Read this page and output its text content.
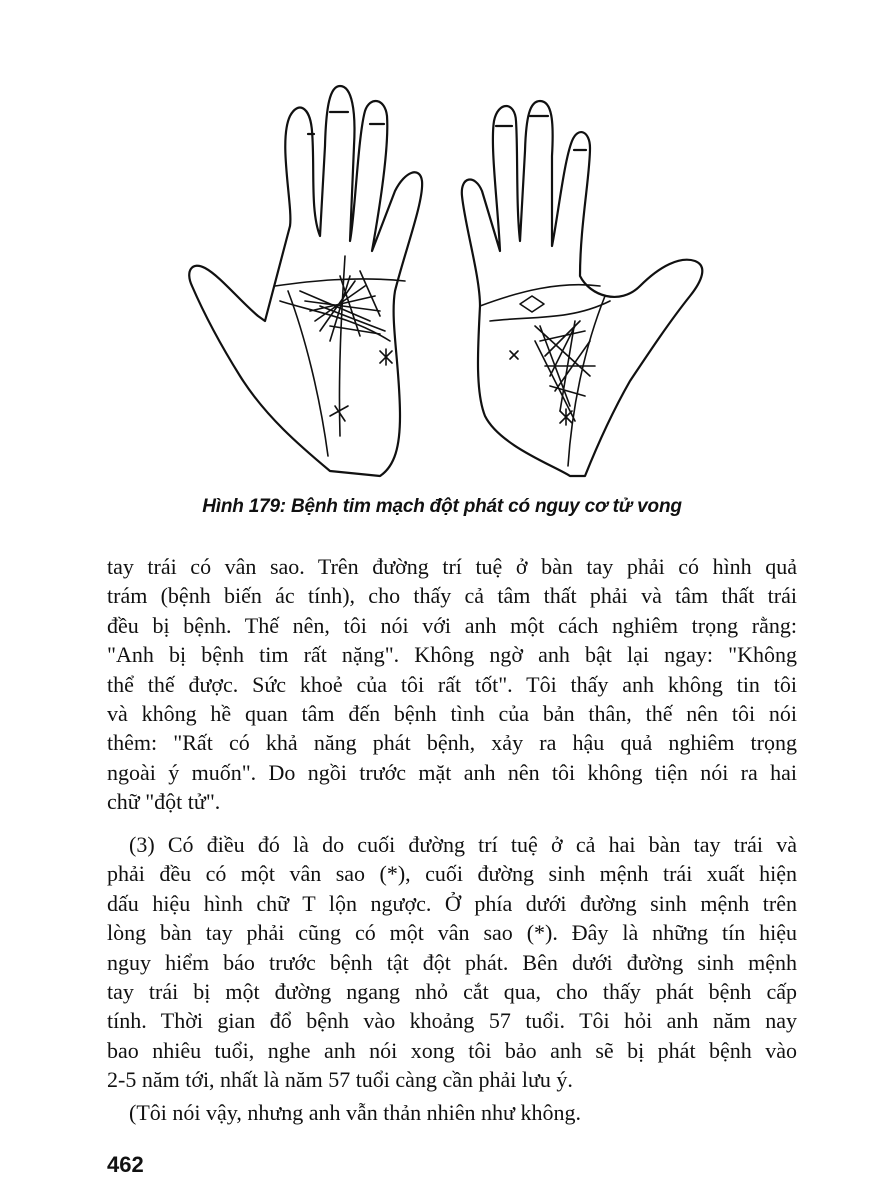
Hình 179: Bệnh tim mạch đột phát có nguy cơ tử vong
tay trái có vân sao. Trên đường trí tuệ ở bàn tay phải có hình quả
trám (bệnh biến ác tính), cho thấy cả tâm thất phải và tâm thất trái
đều bị bệnh. Thế nên, tôi nói với anh một cách nghiêm trọng rằng:
"Anh bị bệnh tim rất nặng". Không ngờ anh bật lại ngay: "Không
thể thế được. Sức khoẻ của tôi rất tốt". Tôi thấy anh không tin tôi
và không hề quan tâm đến bệnh tình của bản thân, thế nên tôi nói
thêm: "Rất có khả năng phát bệnh, xảy ra hậu quả nghiêm trọng
ngoài ý muốn". Do ngồi trước mặt anh nên tôi không tiện nói ra hai
chữ "đột tử".
(3) Có điều đó là do cuối đường trí tuệ ở cả hai bàn tay trái và
phải đều có một vân sao (*), cuối đường sinh mệnh trái xuất hiện
dấu hiệu hình chữ T lộn ngược. Ở phía dưới đường sinh mệnh trên
lòng bàn tay phải cũng có một vân sao (*). Đây là những tín hiệu
nguy hiểm báo trước bệnh tật đột phát. Bên dưới đường sinh mệnh
tay trái bị một đường ngang nhỏ cắt qua, cho thấy phát bệnh cấp
tính. Thời gian đổ bệnh vào khoảng 57 tuổi. Tôi hỏi anh năm nay
bao nhiêu tuổi, nghe anh nói xong tôi bảo anh sẽ bị phát bệnh vào
2-5 năm tới, nhất là năm 57 tuổi càng cần phải lưu ý.
(Tôi nói vậy, nhưng anh vẫn thản nhiên như không.
462
